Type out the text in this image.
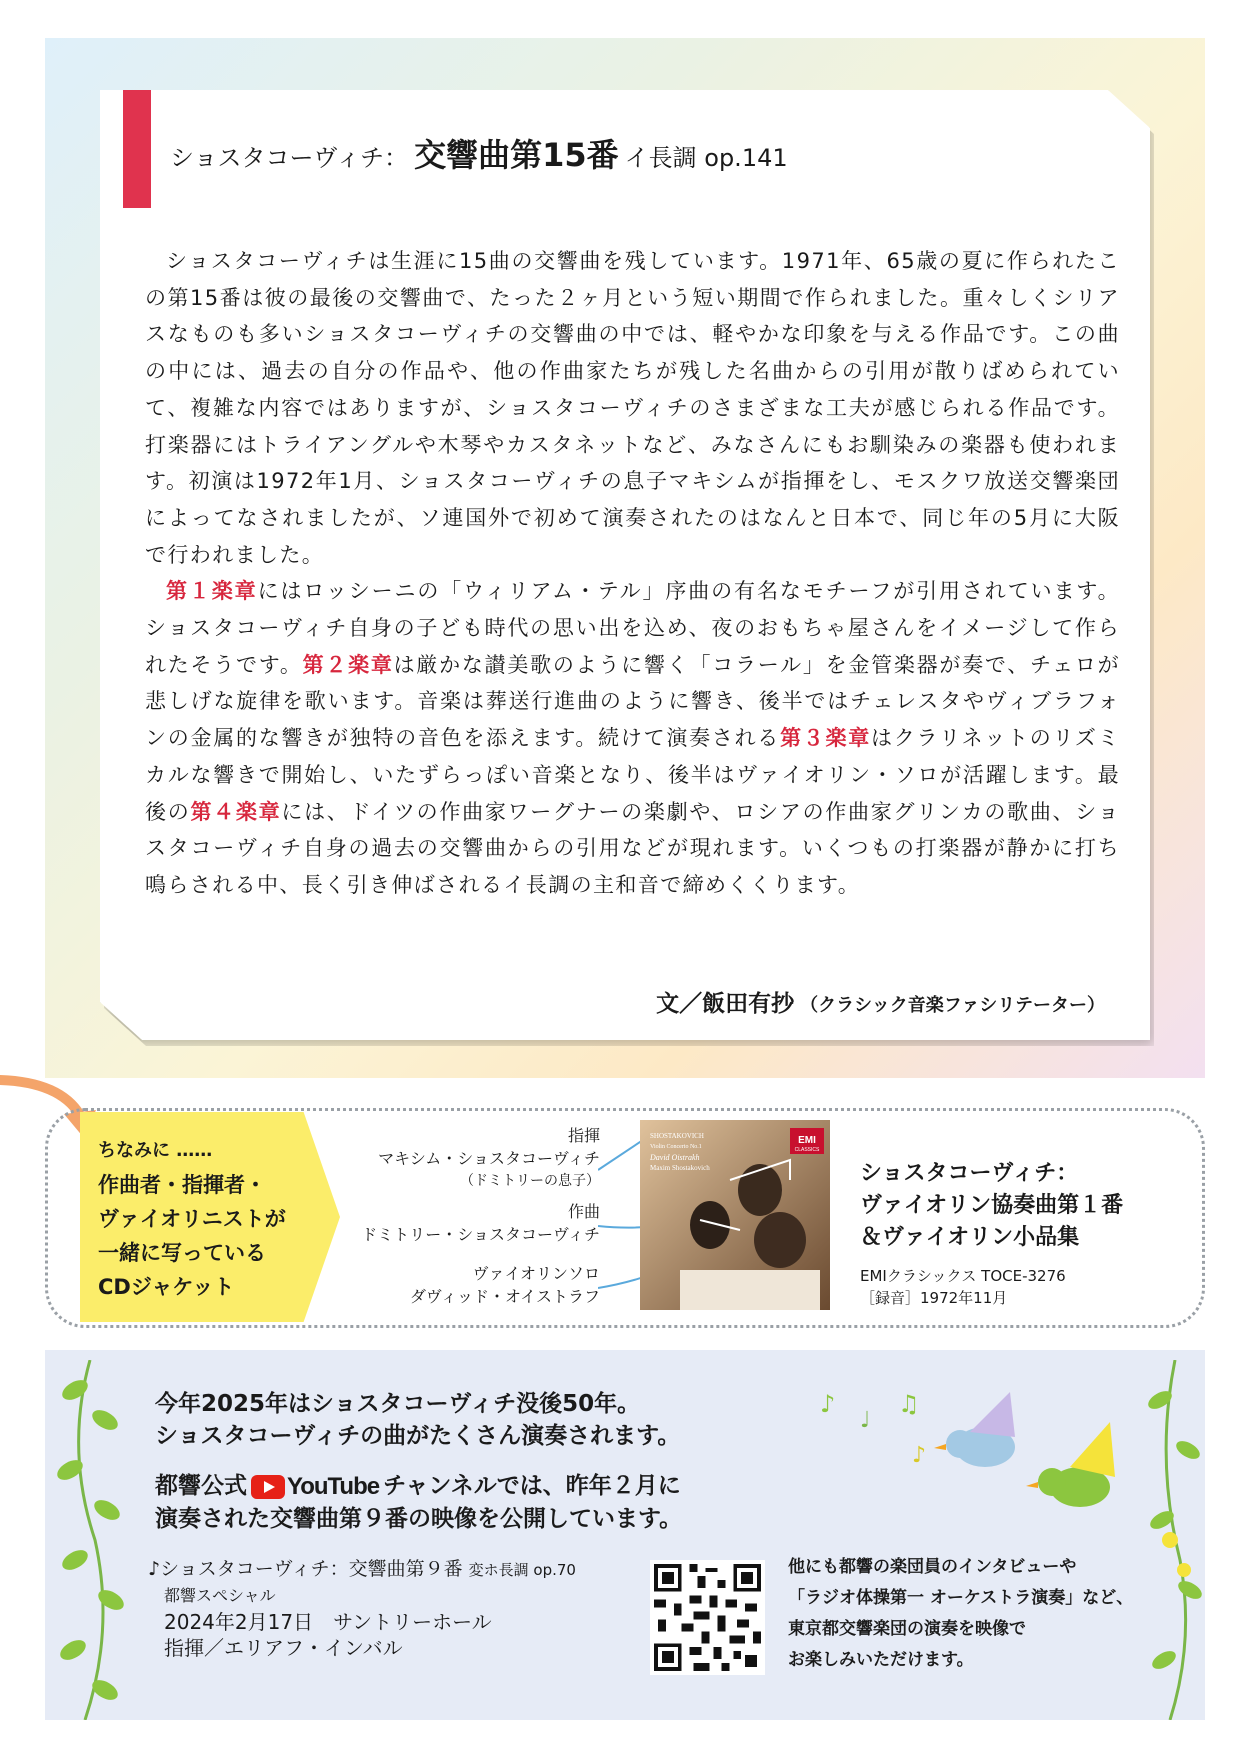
ショスタコーヴィチ： 交響曲第15番 イ長調 op.141

ショスタコーヴィチは生涯に15曲の交響曲を残しています。1971年、65歳の夏に作られたこの第15番は彼の最後の交響曲で、たった２ヶ月という短い期間で作られました。重々しくシリアスなものも多いショスタコーヴィチの交響曲の中では、軽やかな印象を与える作品です。この曲の中には、過去の自分の作品や、他の作曲家たちが残した名曲からの引用が散りばめられていて、複雑な内容ではありますが、ショスタコーヴィチのさまざまな工夫が感じられる作品です。打楽器にはトライアングルや木琴やカスタネットなど、みなさんにもお馴染みの楽器も使われます。初演は1972年1月、ショスタコーヴィチの息子マキシムが指揮をし、モスクワ放送交響楽団によってなされましたが、ソ連国外で初めて演奏されたのはなんと日本で、同じ年の5月に大阪で行われました。

第１楽章にはロッシーニの「ウィリアム・テル」序曲の有名なモチーフが引用されています。ショスタコーヴィチ自身の子ども時代の思い出を込め、夜のおもちゃ屋さんをイメージして作られたそうです。第２楽章は厳かな讃美歌のように響く「コラール」を金管楽器が奏で、チェロが悲しげな旋律を歌います。音楽は葬送行進曲のように響き、後半ではチェレスタやヴィブラフォンの金属的な響きが独特の音色を添えます。続けて演奏される第３楽章はクラリネットのリズミカルな響きで開始し、いたずらっぽい音楽となり、後半はヴァイオリン・ソロが活躍します。最後の第４楽章には、ドイツの作曲家ワーグナーの楽劇や、ロシアの作曲家グリンカの歌曲、ショスタコーヴィチ自身の過去の交響曲からの引用などが現れます。いくつもの打楽器が静かに打ち鳴らされる中、長く引き伸ばされるイ長調の主和音で締めくくります。

文／飯田有抄 （クラシック音楽ファシリテーター）
ちなみに ……
作曲者・指揮者・
ヴァイオリニストが
一緒に写っている
CDジャケット
指揮
マキシム・ショスタコーヴィチ
（ドミトリーの息子）
作曲
ドミトリー・ショスタコーヴィチ
ヴァイオリンソロ
ダヴィッド・オイストラフ
EMI
CLASSICS
SHOSTAKOVICH
Violin Concerto No.1
David Oistrakh
Maxim Shostakovich	ショスタコーヴィチ：
ヴァイオリン協奏曲第１番
＆ヴァイオリン小品集
EMIクラシックス TOCE-3276
［録音］1972年11月
♪
♩
♫
♪
今年2025年はショスタコーヴィチ没後50年。
ショスタコーヴィチの曲がたくさん演奏されます。
都響公式 YouTube チャンネルでは、昨年２月に
演奏された交響曲第９番の映像を公開しています。
♪ショスタコーヴィチ：交響曲第９番 変ホ長調 op.70
都響スペシャル
2024年2月17日　サントリーホール
指揮／エリアフ・インバル
他にも都響の楽団員のインタビューや
「ラジオ体操第一 オーケストラ演奏」など、
東京都交響楽団の演奏を映像で
お楽しみいただけます。
